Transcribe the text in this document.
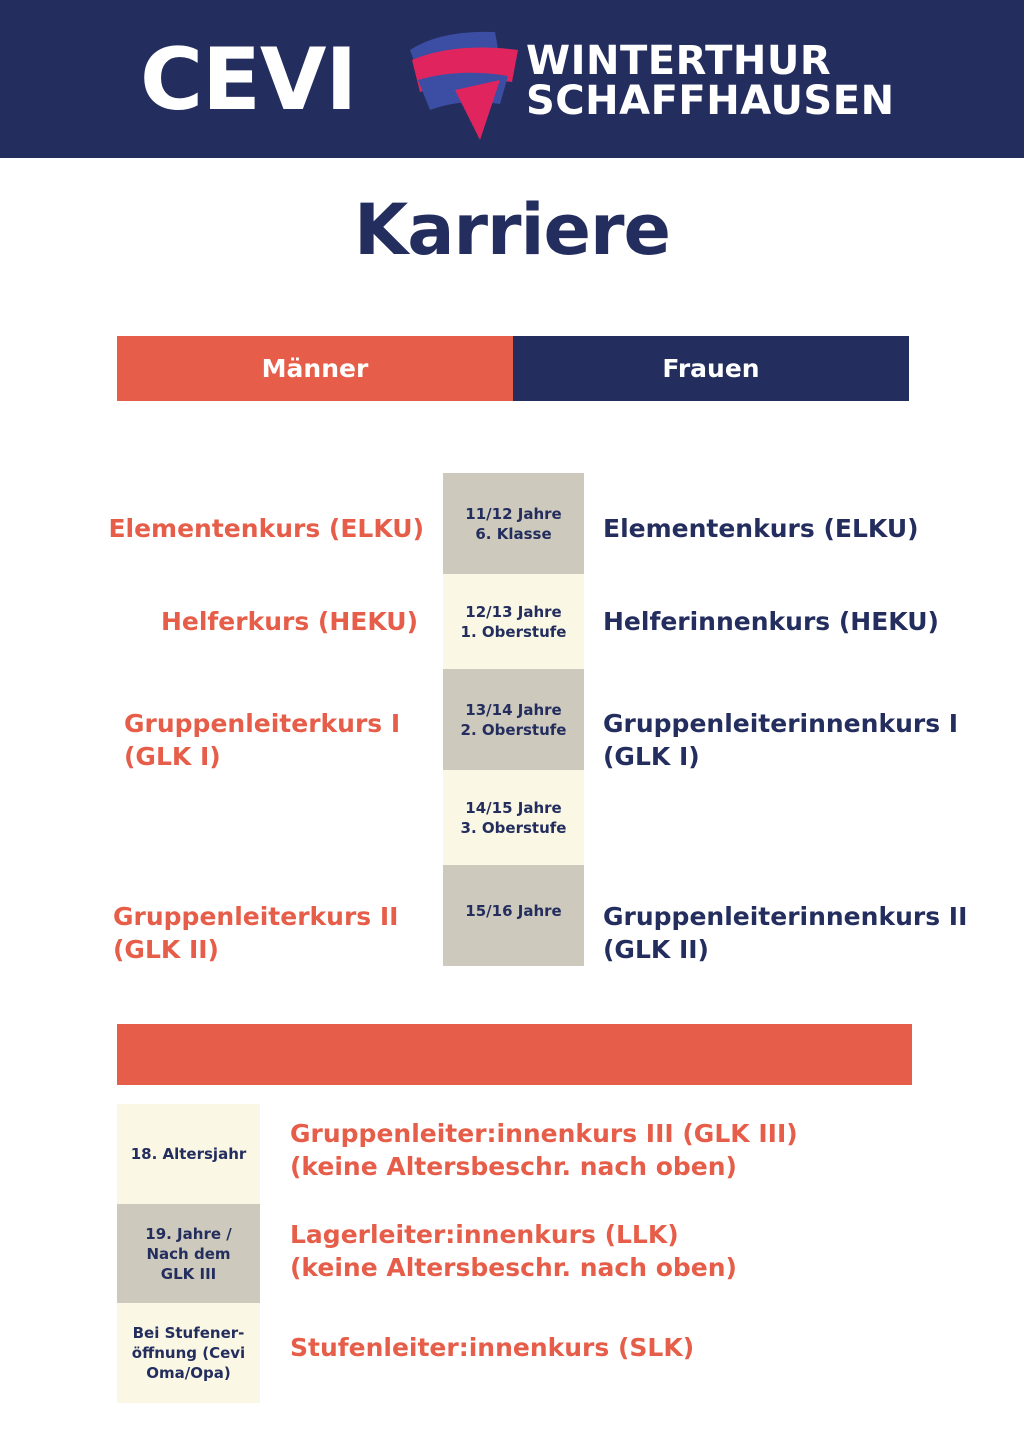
CEVI	WINTERTHUR
SCHAFFHAUSEN
Karriere
Männer	Frauen
11/12 Jahre
6. Klasse
12/13 Jahre
1. Oberstufe
13/14 Jahre
2. Oberstufe
14/15 Jahre
3. Oberstufe
15/16 Jahre
Elementenkurs (ELKU)
Helferkurs (HEKU)
Gruppenleiterkurs I
(GLK I)
Gruppenleiterkurs II
(GLK II)
Elementenkurs (ELKU)
Helferinnenkurs (HEKU)
Gruppenleiterinnenkurs I
(GLK I)
Gruppenleiterinnenkurs II
(GLK II)
18. Altersjahr
19. Jahre /
Nach dem
GLK III
Bei Stufener-
öffnung (Cevi
Oma/Opa)
Gruppenleiter:innenkurs III (GLK III)
(keine Altersbeschr. nach oben)
Lagerleiter:innenkurs (LLK)
(keine Altersbeschr. nach oben)
Stufenleiter:innenkurs (SLK)
